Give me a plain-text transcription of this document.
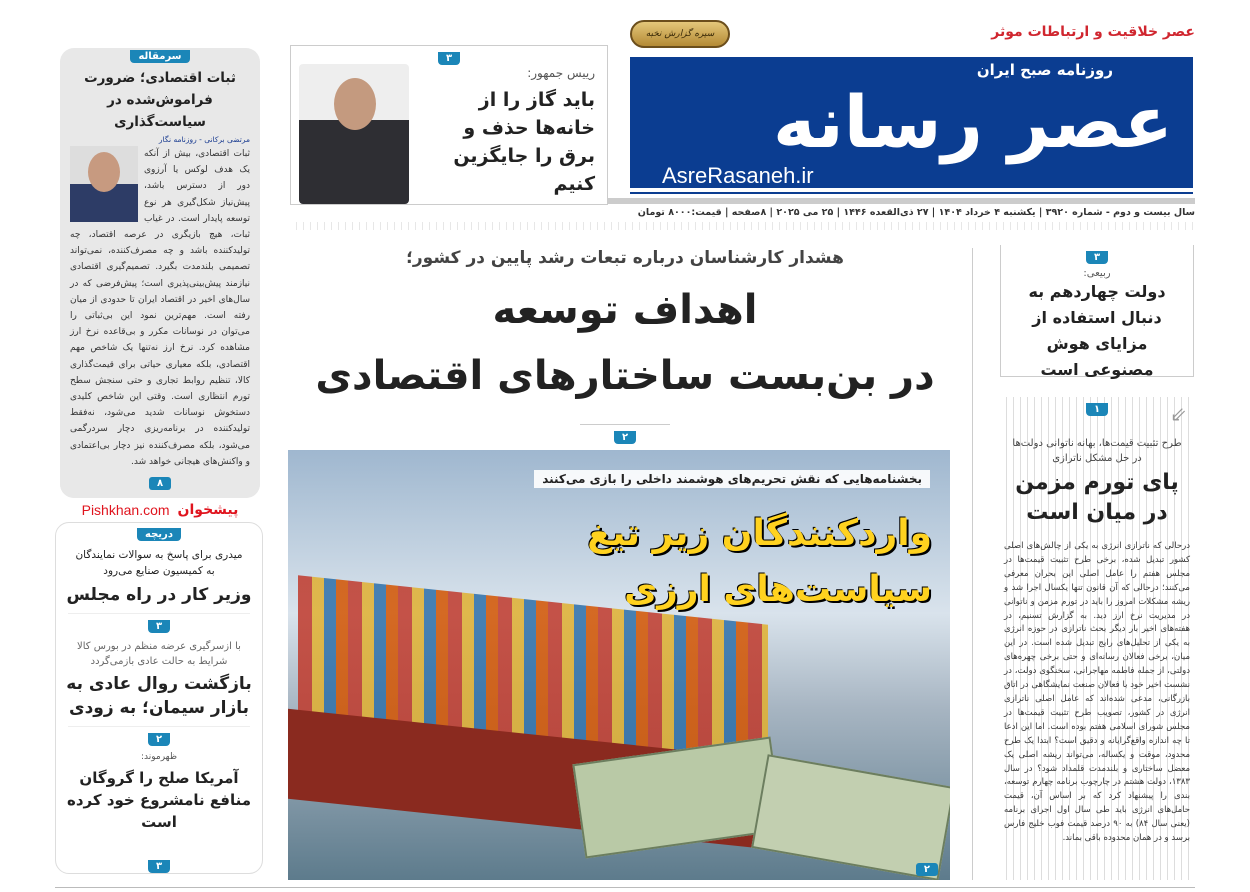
عصر خلاقیت و ارتباطات موثر
سیره گزارش نخبه
روزنامه صبح ایران
عصر رسانه
AsreRasaneh.ir
سال بیست و دوم - شماره ۳۹۲۰ | یکشنبه ۴ خرداد ۱۴۰۴ | ۲۷ ذی‌القعده ۱۴۴۶ | ۲۵ می ۲۰۲۵ | ۸صفحه | قیمت:۸۰۰۰ تومان
۳
رییس جمهور:
باید گاز را از خانه‌ها حذف و برق را جایگزین کنیم
سرمقاله
ثبات اقتصادی؛ ضرورت فراموش‌شده در سیاست‌گذاری
مرتضی برکانی - روزنامه نگار
ثبات اقتصادی، بیش از آنکه یک هدف لوکس یا آرزوی دور از دسترس باشد، پیش‌نیاز شکل‌گیری هر نوع توسعه پایدار است. در غیاب ثبات، هیچ بازیگری در عرصه اقتصاد، چه تولیدکننده باشد و چه مصرف‌کننده، نمی‌تواند تصمیمی بلندمدت بگیرد. تصمیم‌گیری اقتصادی نیازمند پیش‌بینی‌پذیری است؛ پیش‌فرضی که در سال‌های اخیر در اقتصاد ایران تا حدودی از میان رفته است. مهم‌ترین نمود این بی‌ثباتی را می‌توان در نوسانات مکرر و بی‌قاعده نرخ ارز مشاهده کرد. نرخ ارز نه‌تنها یک شاخص مهم اقتصادی، بلکه معیاری حیاتی برای قیمت‌گذاری کالا، تنظیم روابط تجاری و حتی سنجش سطح تورم انتظاری است. وقتی این شاخص کلیدی دستخوش نوسانات شدید می‌شود، نه‌فقط تولیدکننده در برنامه‌ریزی دچار سردرگمی می‌شود، بلکه مصرف‌کننده نیز دچار بی‌اعتمادی و واکنش‌های هیجانی خواهد شد.
۸
پیشخوان
Pishkhan.com
دریچه
میدری برای پاسخ به سوالات نمایندگان به کمیسیون صنایع می‌رود
وزیر کار در راه مجلس
۳
با ازسرگیری عرضه منظم در بورس کالا شرایط به حالت عادی بازمی‌گردد
بازگشت روال عادی به بازار سیمان؛ به زودی
۲
ظهرموند:
آمریکا صلح را گروگان منافع نامشروع خود کرده است
۳
هشدار کارشناسان درباره تبعات رشد پایین در کشور؛
اهداف توسعه
در بن‌بست ساختارهای اقتصادی
۲
بخشنامه‌هایی که نقش تحریم‌های هوشمند داخلی را بازی می‌کنند
واردکنندگان زیر تیغ
سیاست‌های ارزی
۲
۳
ربیعی:
دولت چهاردهم به دنبال استفاده از مزایای هوش مصنوعی است
۱	⇙
طرح تثبیت قیمت‌ها، بهانه ناتوانی دولت‌ها در حل مشکل ناترازی
پای تورم مزمن در میان است
درحالی که ناترازی انرژی به یکی از چالش‌های اصلی کشور تبدیل شده، برخی طرح تثبیت قیمت‌ها در مجلس هفتم را عامل اصلی این بحران معرفی می‌کنند؛ درحالی که آن قانون تنها یکسال اجرا شد و ریشه مشکلات امروز را باید در تورم مزمن و ناتوانی در مدیریت نرخ ارز دید. به گزارش تسنیم، در هفته‌های اخیر بار دیگر بحث ناترازی در حوزه انرژی به یکی از تحلیل‌های رایج تبدیل شده است. در این میان، برخی فعالان رسانه‌ای و حتی برخی چهره‌های دولتی، از جمله فاطمه مهاجرانی، سخنگوی دولت، در نشست اخیر خود با فعالان صنعت نمایشگاهی در اتاق بازرگانی، مدعی شده‌اند که عامل اصلی ناترازی انرژی در کشور، تصویب طرح تثبیت قیمت‌ها در مجلس شورای اسلامی هفتم بوده است. اما این ادعا تا چه اندازه واقع‌گرایانه و دقیق است؟ ابتدا یک طرح محدود، موقت و یکساله، می‌تواند ریشه اصلی یک معضل ساختاری و بلندمدت قلمداد شود؟ در سال ۱۳۸۳، دولت هشتم در چارچوب برنامه چهارم توسعه، بندی را پیشنهاد کرد که بر اساس آن، قیمت حامل‌های انرژی باید طی سال اول اجرای برنامه (یعنی سال ۸۴) به ۹۰ درصد قیمت فوب خلیج فارس برسد و در همان محدوده باقی بماند.
